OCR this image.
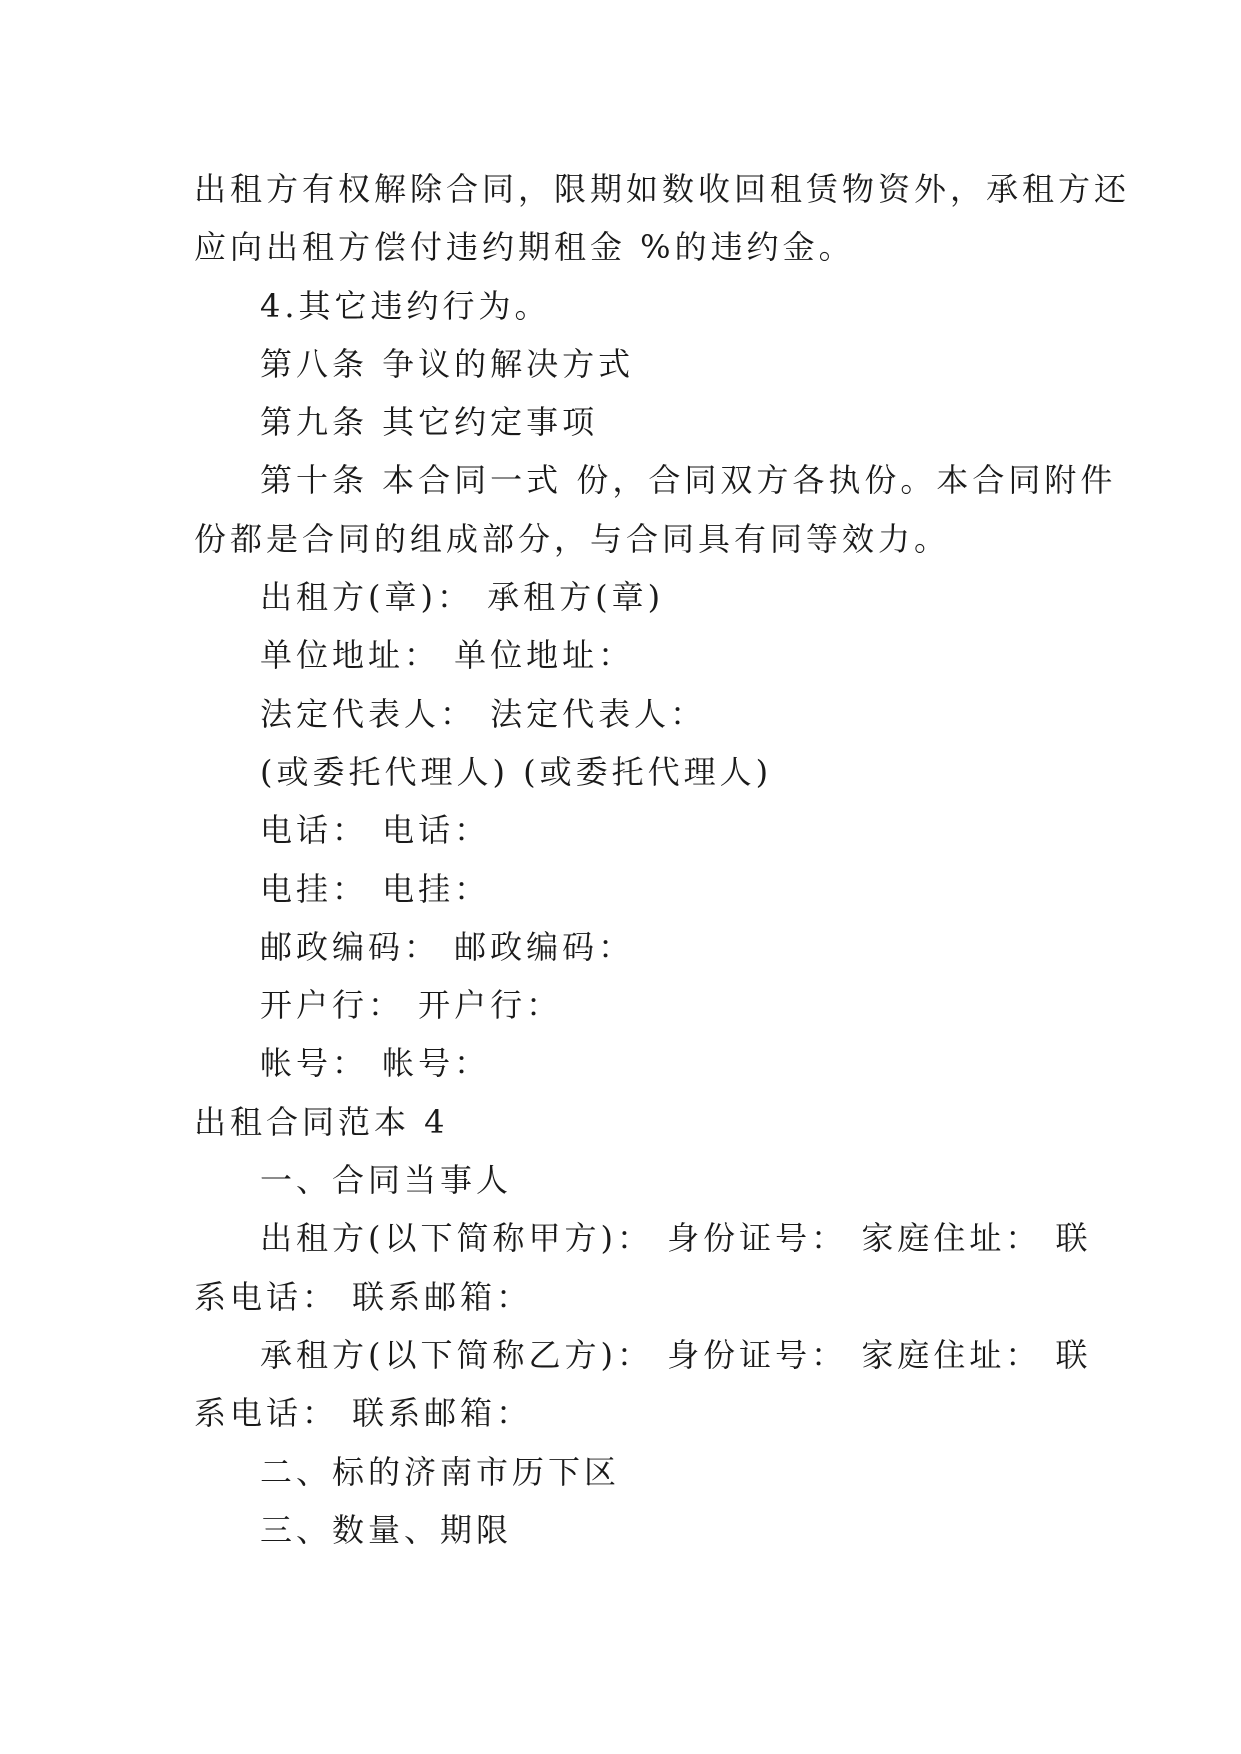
出租方有权解除合同，限期如数收回租赁物资外，承租方还
应向出租方偿付违约期租金 %的违约金。
4.其它违约行为。
第八条 争议的解决方式
第九条 其它约定事项
第十条 本合同一式 份，合同双方各执份。本合同附件
份都是合同的组成部分，与合同具有同等效力。
出租方(章)： 承租方(章)
单位地址： 单位地址：
法定代表人： 法定代表人：
(或委托代理人) (或委托代理人)
电话： 电话：
电挂： 电挂：
邮政编码： 邮政编码：
开户行： 开户行：
帐号： 帐号：
出租合同范本 4
一、合同当事人
出租方(以下简称甲方)： 身份证号： 家庭住址： 联
系电话： 联系邮箱：
承租方(以下简称乙方)： 身份证号： 家庭住址： 联
系电话： 联系邮箱：
二、标的济南市历下区
三、数量、期限
